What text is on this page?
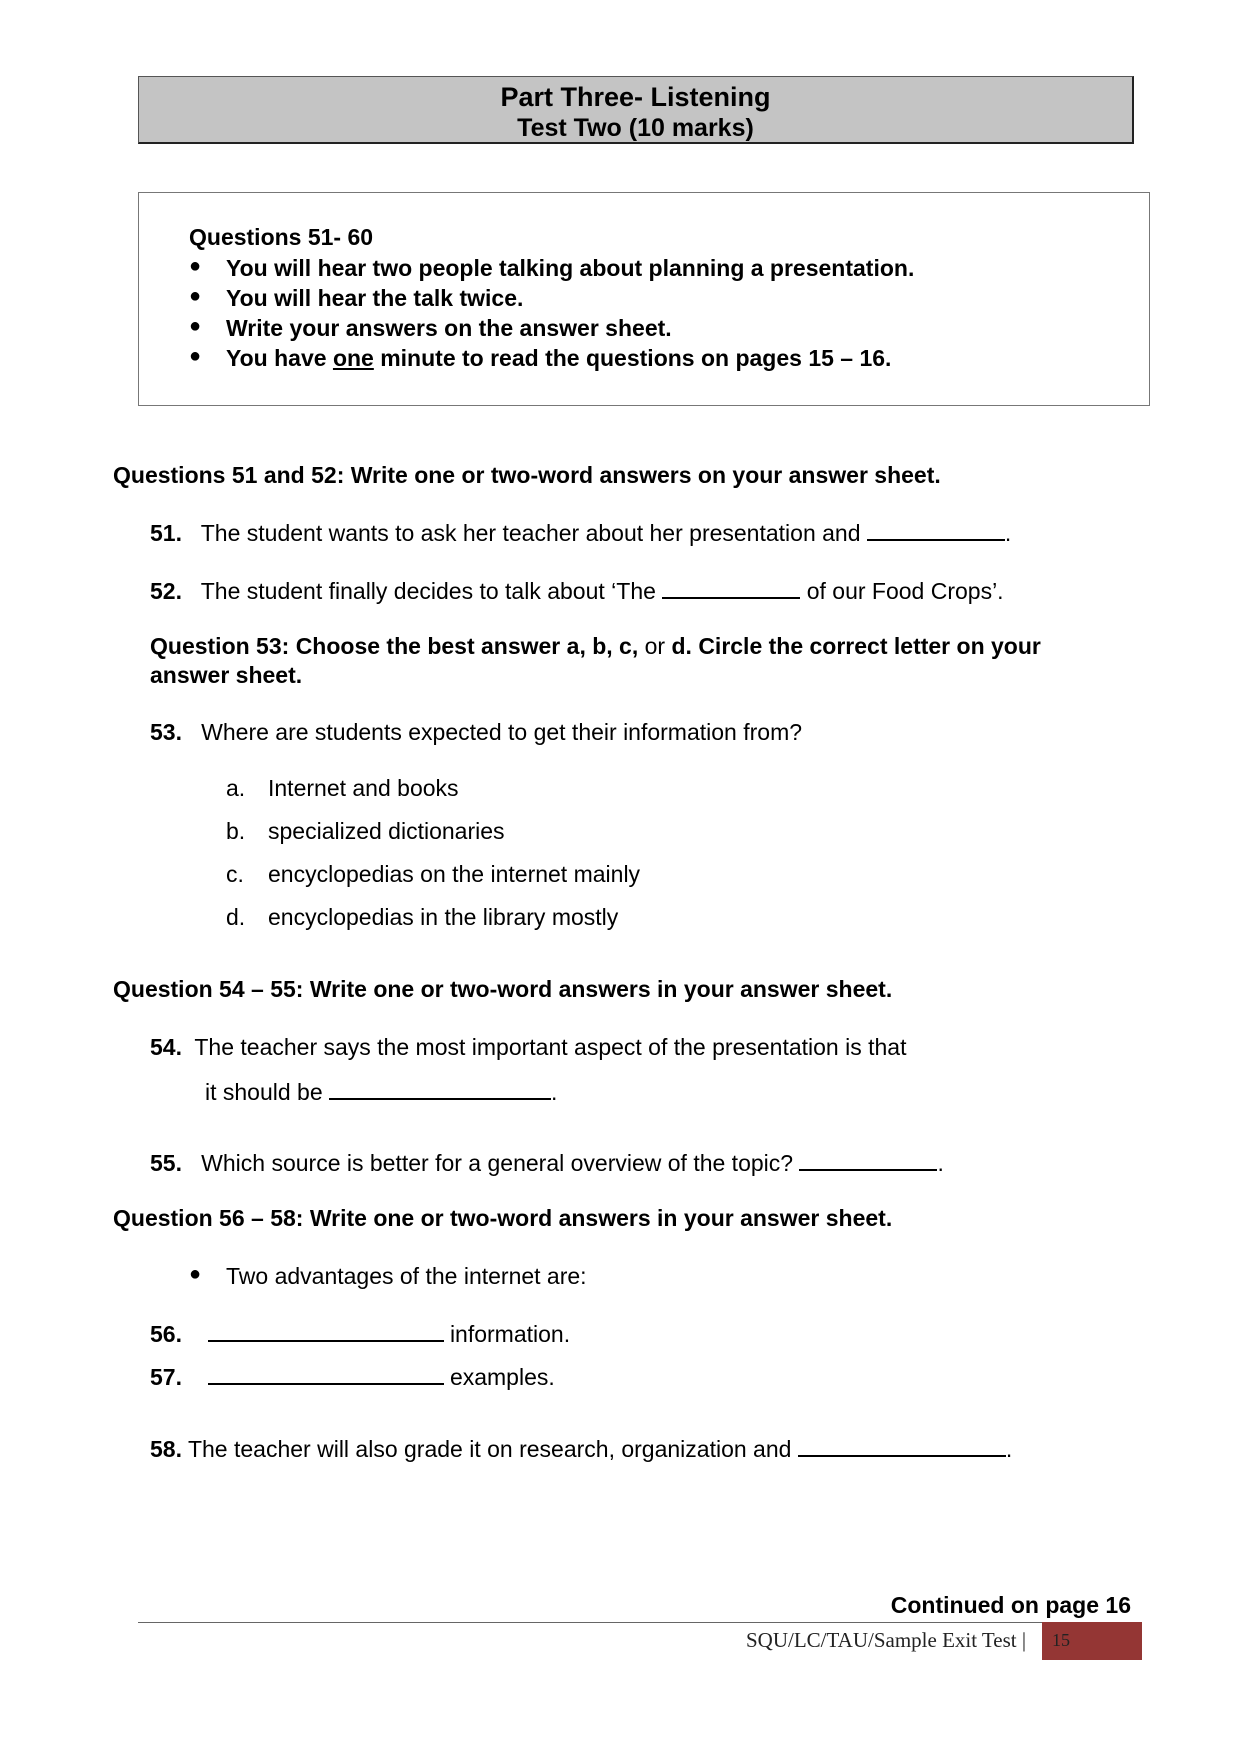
Part Three- Listening
Test Two (10 marks)
Questions 51- 60
● You will hear two people talking about planning a presentation.
● You will hear the talk twice.
● Write your answers on the answer sheet.
● You have one minute to read the questions on pages 15 – 16.
Questions 51 and 52: Write one or two-word answers on your answer sheet.
51. The student wants to ask her teacher about her presentation and	.
52. The student finally decides to talk about ‘The	of our Food Crops’.
Question 53: Choose the best answer a, b, c, or d. Circle the correct letter on your
answer sheet.
53. Where are students expected to get their information from?
a. Internet and books
b. specialized dictionaries
c. encyclopedias on the internet mainly
d. encyclopedias in the library mostly
Question 54 – 55: Write one or two-word answers in your answer sheet.
54. The teacher says the most important aspect of the presentation is that
it should be	.
55. Which source is better for a general overview of the topic?	.
Question 56 – 58: Write one or two-word answers in your answer sheet.
● Two advantages of the internet are:
56.	information.
57.	examples.
58. The teacher will also grade it on research, organization and	.
Continued on page 16
SQU/LC/TAU/Sample Exit Test | 15
